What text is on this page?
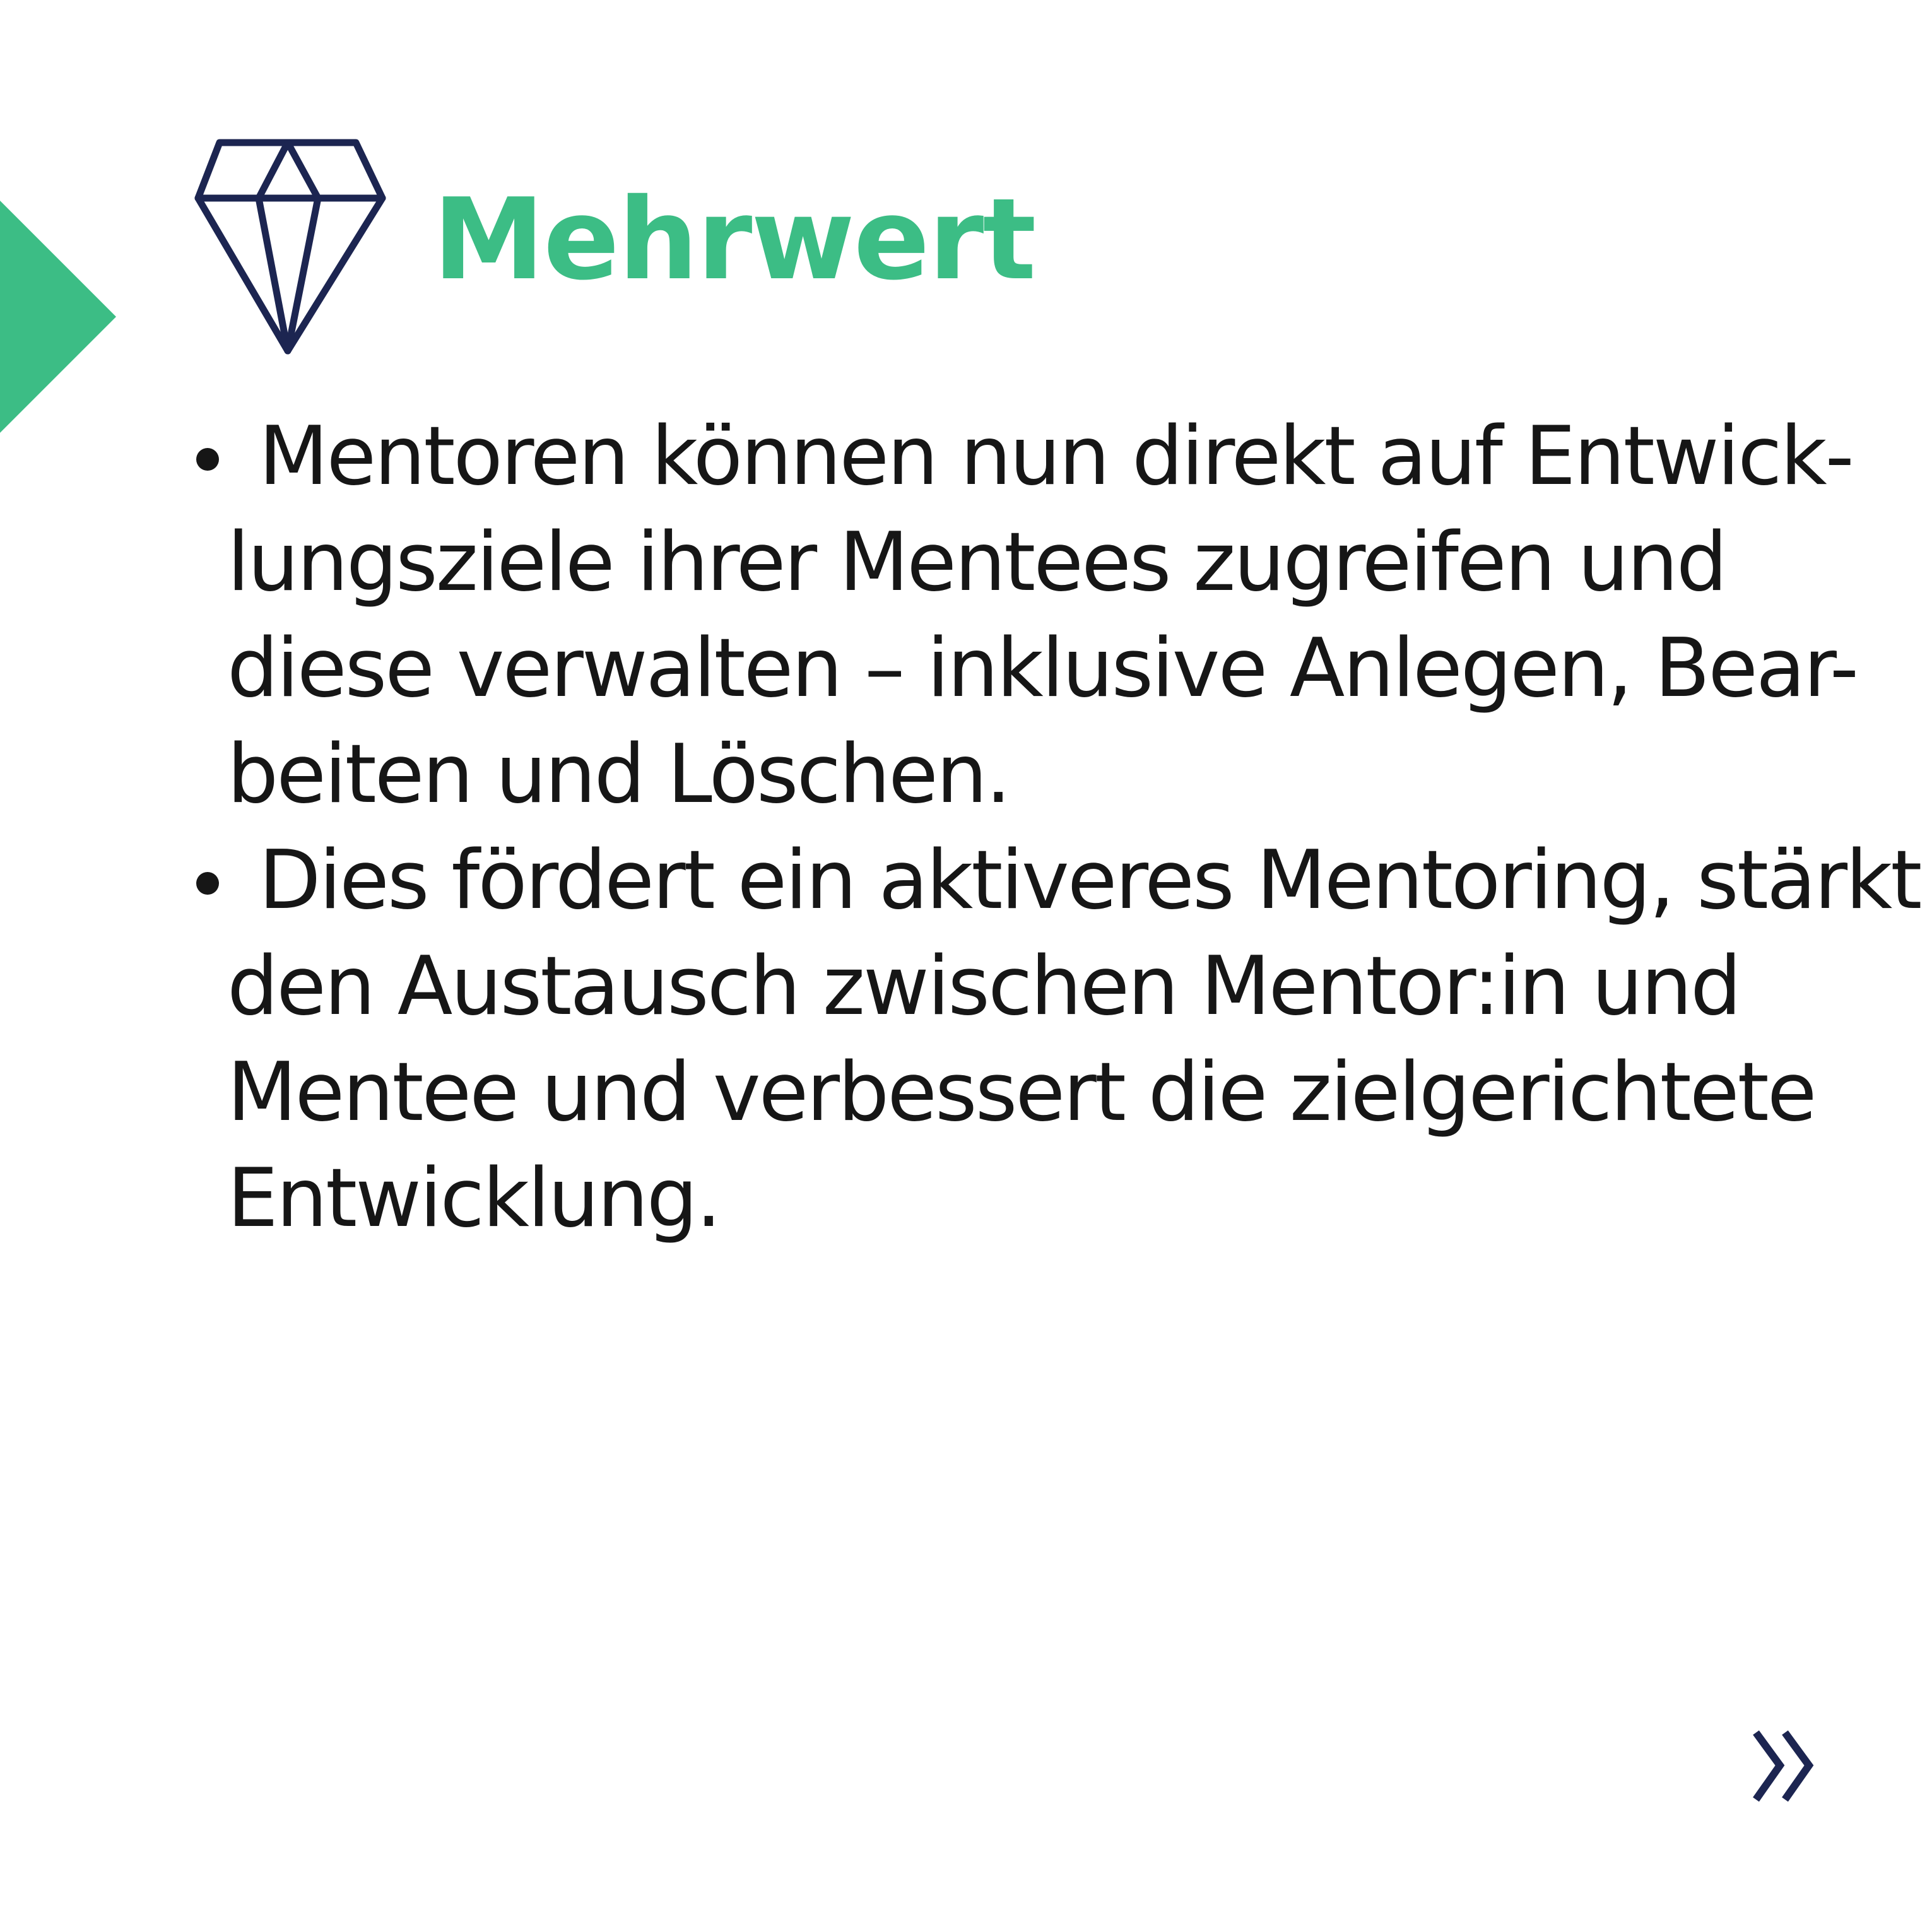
Mehrwert
Mentoren können nun direkt auf Entwick-
lungsziele ihrer Mentees zugreifen und
diese verwalten – inklusive Anlegen, Bear-
beiten und Löschen.
Dies fördert ein aktiveres Mentoring, stärkt
den Austausch zwischen Mentor:in und
Mentee und verbessert die zielgerichtete
Entwicklung.
